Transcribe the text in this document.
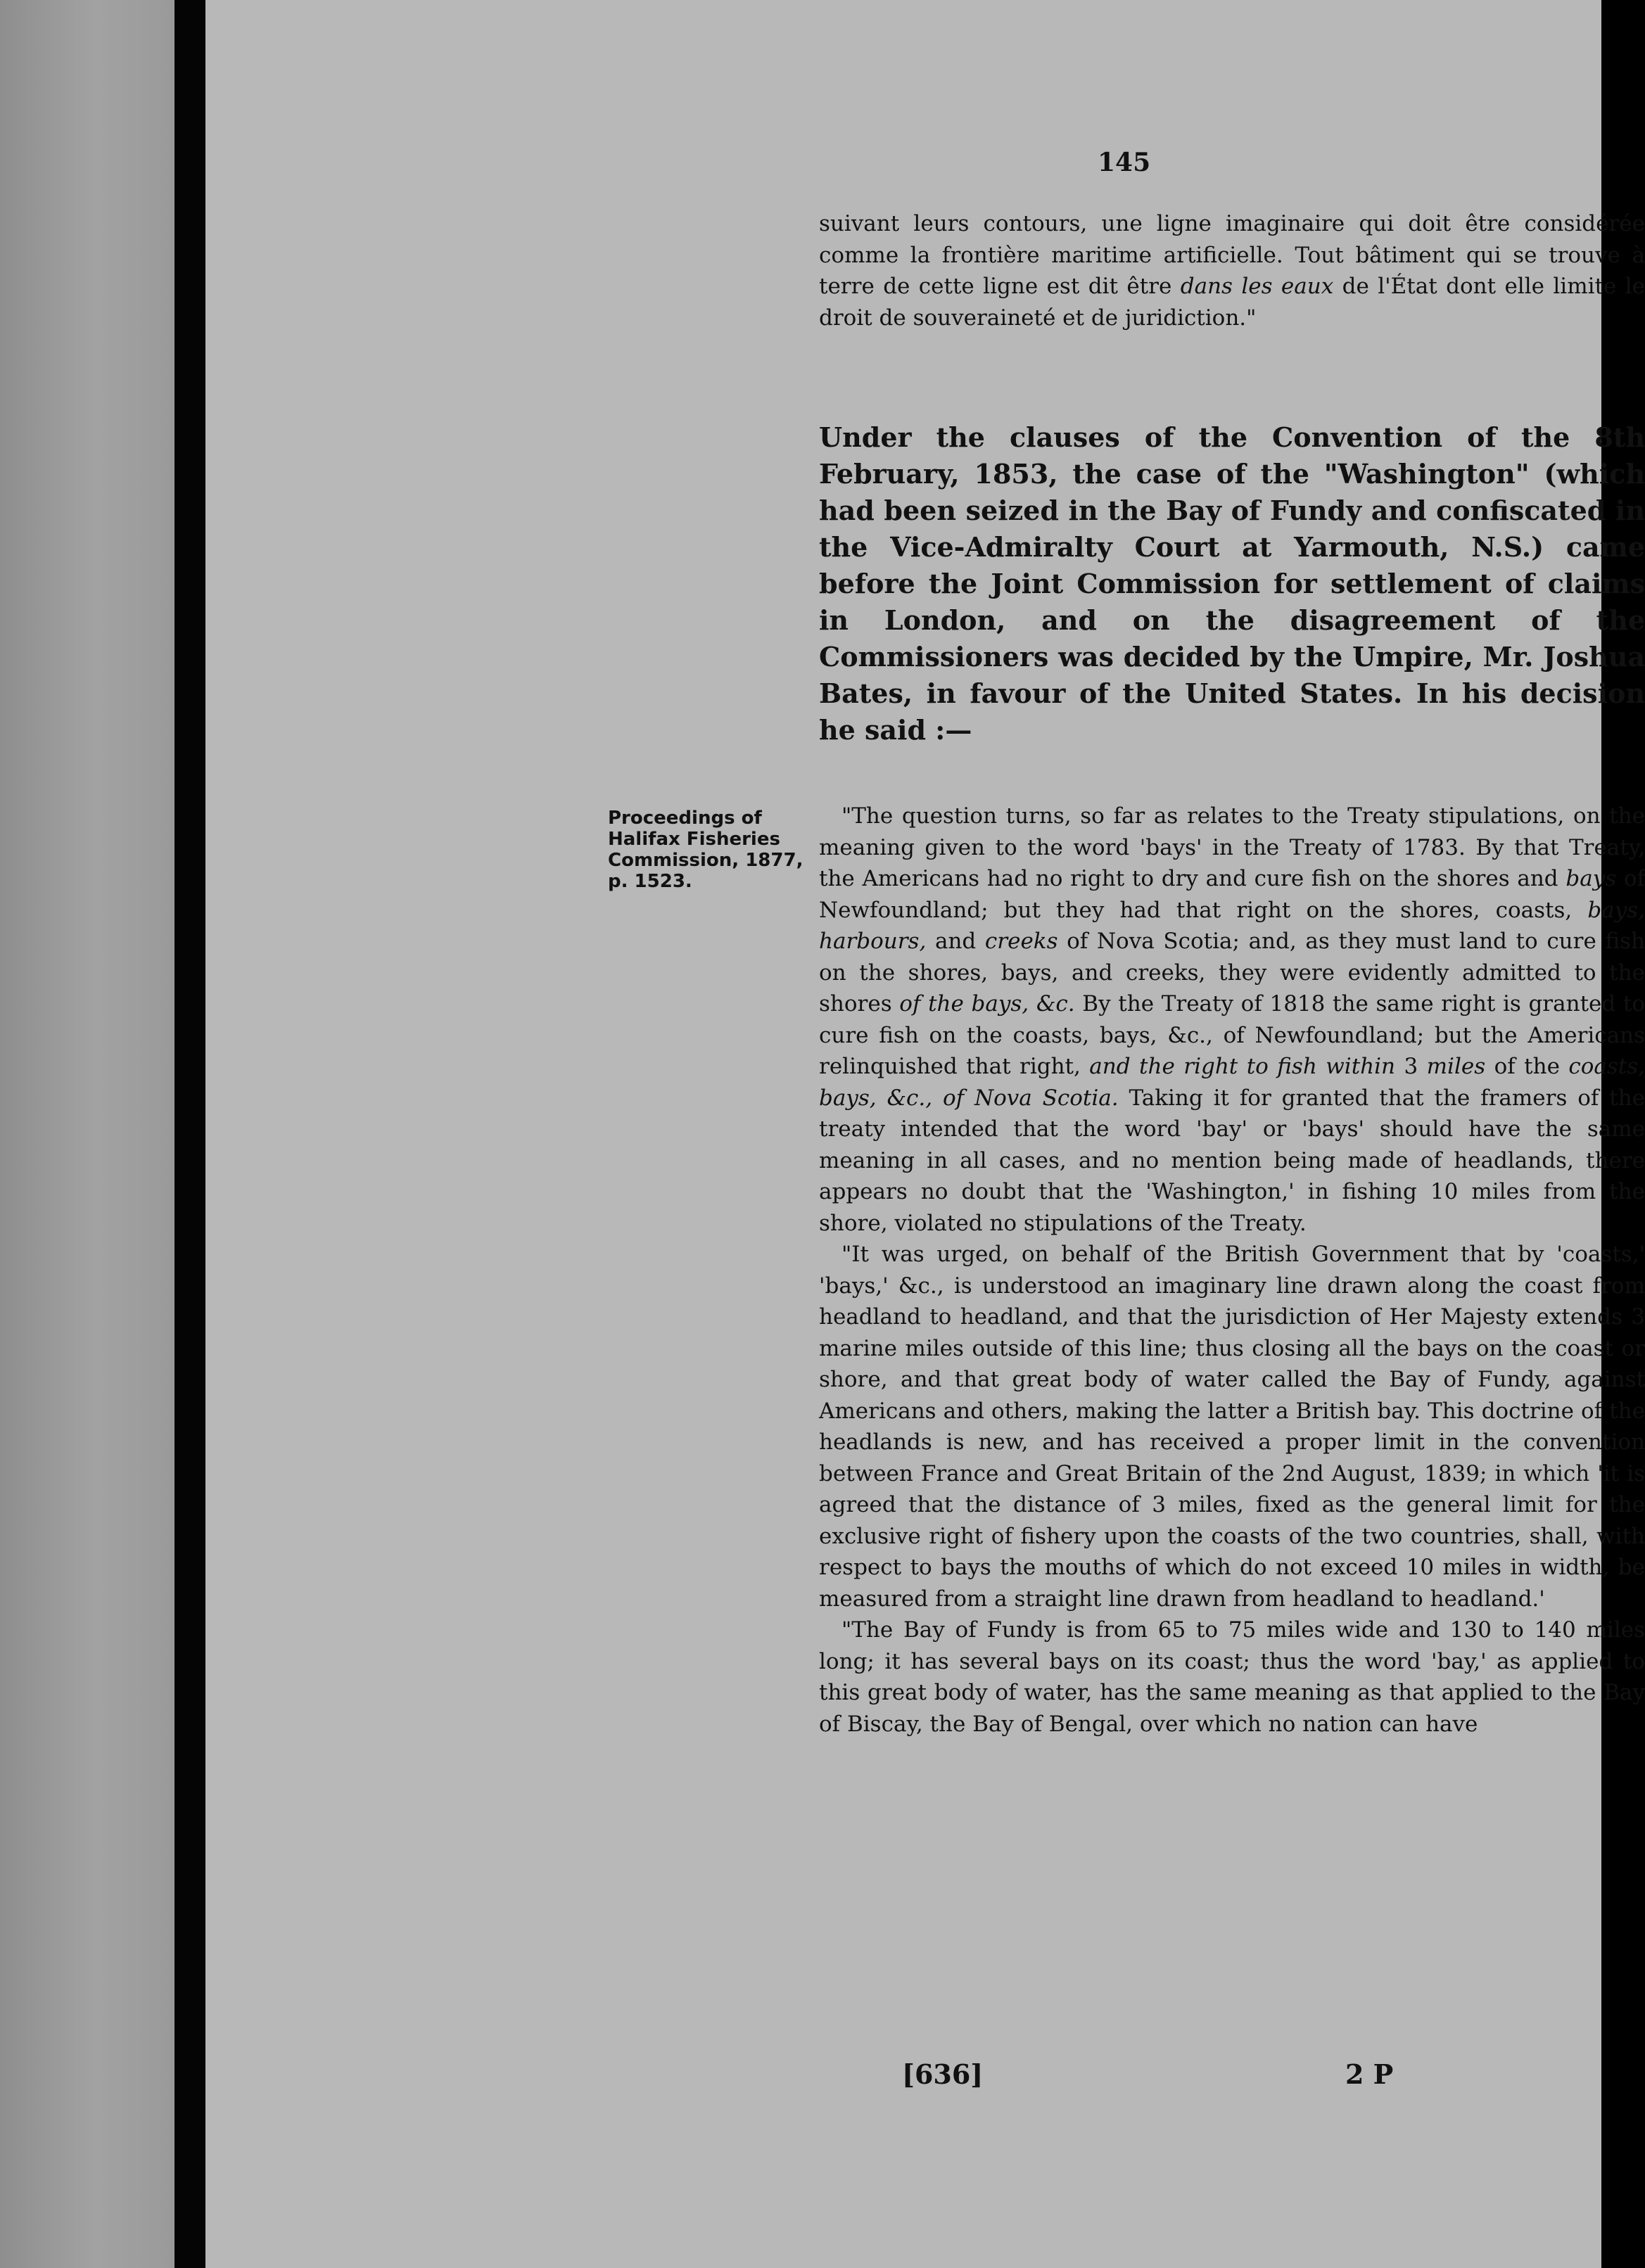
145

suivant leurs contours, une ligne imaginaire qui doit être considérée comme la frontière maritime artificielle. Tout bâtiment qui se trouve à terre de cette ligne est dit être dans les eaux de l'État dont elle limite le droit de souveraineté et de juridiction."

Under the clauses of the Convention of the 8th February, 1853, the case of the "Washington" (which had been seized in the Bay of Fundy and confiscated in the Vice-Admiralty Court at Yarmouth, N.S.) came before the Joint Commission for settlement of claims in London, and on the disagreement of the Commissioners was decided by the Umpire, Mr. Joshua Bates, in favour of the United States. In his decision he said :—
Proceedings of
Halifax Fisheries
Commission, 1877,
p. 1523.

"The question turns, so far as relates to the Treaty stipulations, on the meaning given to the word 'bays' in the Treaty of 1783. By that Treaty, the Americans had no right to dry and cure fish on the shores and bays of Newfoundland; but they had that right on the shores, coasts, bays, harbours, and creeks of Nova Scotia; and, as they must land to cure fish on the shores, bays, and creeks, they were evidently admitted to the shores of the bays, &c. By the Treaty of 1818 the same right is granted to cure fish on the coasts, bays, &c., of Newfoundland; but the Americans relinquished that right, and the right to fish within 3 miles of the coasts, bays, &c., of Nova Scotia. Taking it for granted that the framers of the treaty intended that the word 'bay' or 'bays' should have the same meaning in all cases, and no mention being made of headlands, there appears no doubt that the 'Washington,' in fishing 10 miles from the shore, violated no stipulations of the Treaty.

"It was urged, on behalf of the British Government that by 'coasts,' 'bays,' &c., is understood an imaginary line drawn along the coast from headland to headland, and that the jurisdiction of Her Majesty extends 3 marine miles outside of this line; thus closing all the bays on the coast or shore, and that great body of water called the Bay of Fundy, against Americans and others, making the latter a British bay. This doctrine of the headlands is new, and has received a proper limit in the convention between France and Great Britain of the 2nd August, 1839; in which 'it is agreed that the distance of 3 miles, fixed as the general limit for the exclusive right of fishery upon the coasts of the two countries, shall, with respect to bays the mouths of which do not exceed 10 miles in width, be measured from a straight line drawn from headland to headland.'

"The Bay of Fundy is from 65 to 75 miles wide and 130 to 140 miles long; it has several bays on its coast; thus the word 'bay,' as applied to this great body of water, has the same meaning as that applied to the Bay of Biscay, the Bay of Bengal, over which no nation can have

[636]	2 P
